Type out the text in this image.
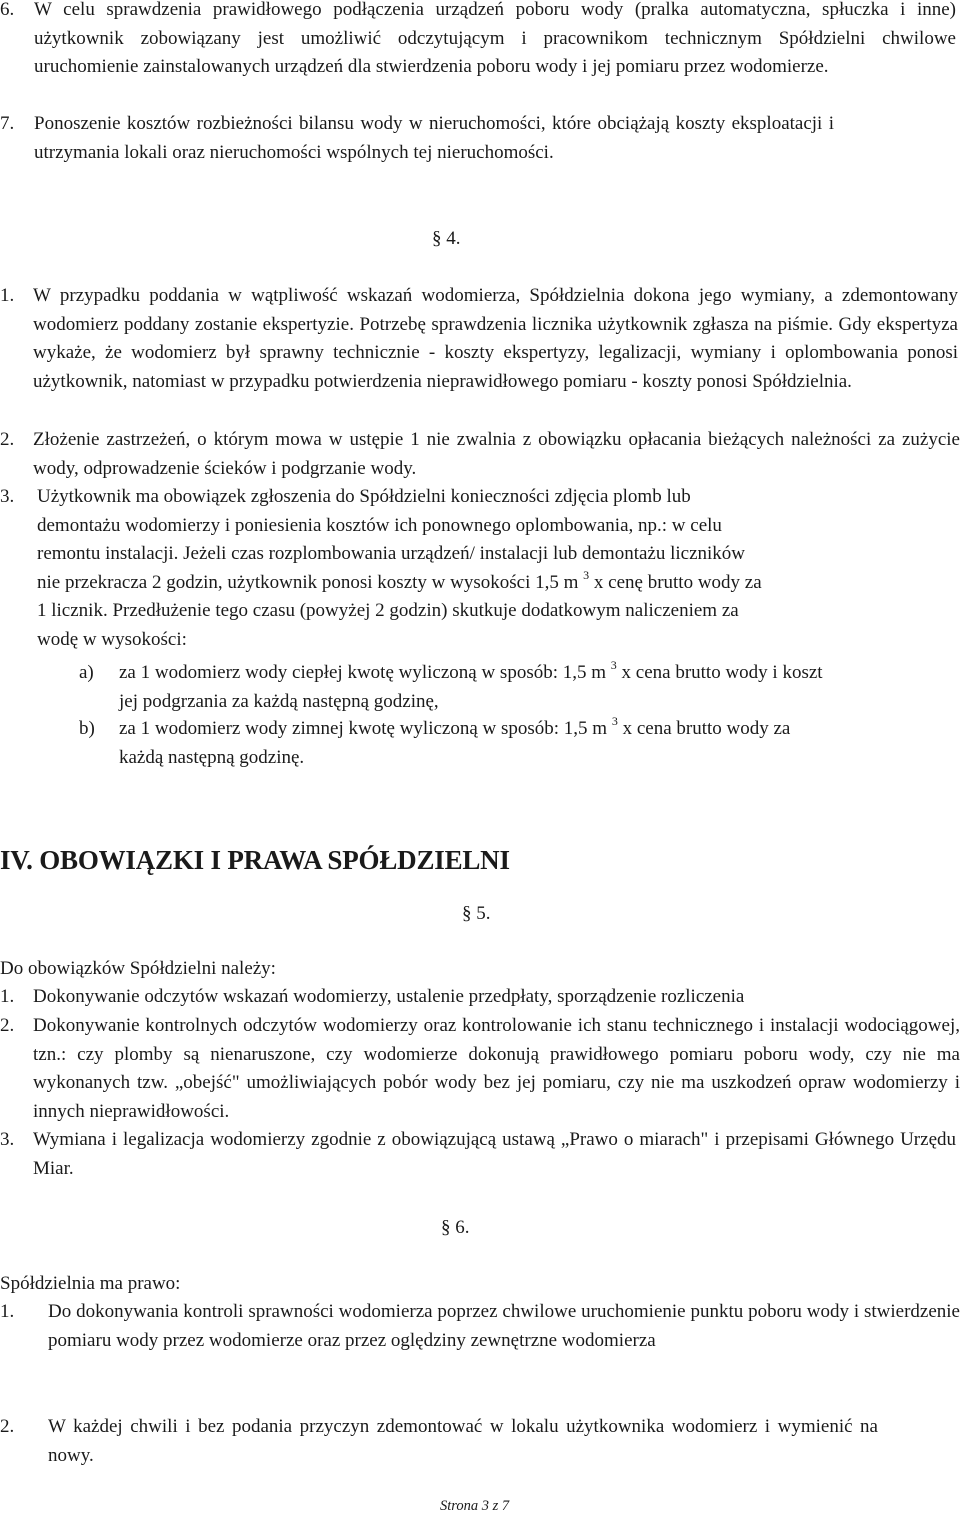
6.	W celu sprawdzenia prawidłowego podłączenia urządzeń poboru wody (pralka automatyczna, spłuczka i inne) użytkownik zobowiązany jest umożliwić odczytującym i pracownikom technicznym Spółdzielni chwilowe uruchomienie zainstalowanych urządzeń dla stwierdzenia poboru wody i jej pomiaru przez wodomierze.
7.	Ponoszenie kosztów rozbieżności bilansu wody w nieruchomości, które obciążają koszty eksploatacji i utrzymania lokali oraz nieruchomości wspólnych tej nieruchomości.
§ 4.
1. W przypadku poddania w wątpliwość wskazań wodomierza, Spółdzielnia dokona jego wymiany, a zdemontowany wodomierz poddany zostanie ekspertyzie. Potrzebę sprawdzenia licznika użytkownik zgłasza na piśmie. Gdy ekspertyza wykaże, że wodomierz był sprawny technicznie - koszty ekspertyzy, legalizacji, wymiany i oplombowania ponosi użytkownik, natomiast w przypadku potwierdzenia nieprawidłowego pomiaru - koszty ponosi Spółdzielnia.
2. Złożenie zastrzeżeń, o którym mowa w ustępie 1 nie zwalnia z obowiązku opłacania bieżących należności za zużycie wody, odprowadzenie ścieków i podgrzanie wody.
3. Użytkownik ma obowiązek zgłoszenia do Spółdzielni konieczności zdjęcia plomb lub
demontażu wodomierzy i poniesienia kosztów ich ponownego oplombowania, np.: w celu
remontu instalacji. Jeżeli czas rozplombowania urządzeń/ instalacji lub demontażu liczników
nie przekracza 2 godzin, użytkownik ponosi koszty w wysokości 1,5 m $^3$ x cenę brutto wody za
1 licznik. Przedłużenie tego czasu (powyżej 2 godzin) skutkuje dodatkowym naliczeniem za
wodę w wysokości:
a) za 1 wodomierz wody ciepłej kwotę wyliczoną w sposób: 1,5 m $^3$ x cena brutto wody i koszt
jej podgrzania za każdą następną godzinę,
b) za 1 wodomierz wody zimnej kwotę wyliczoną w sposób: 1,5 m $^3$ x cena brutto wody za
każdą następną godzinę.
IV. OBOWIĄZKI I PRAWA SPÓŁDZIELNI
§ 5.
Do obowiązków Spółdzielni należy:
1. Dokonywanie odczytów wskazań wodomierzy, ustalenie przedpłaty, sporządzenie rozliczenia
2. Dokonywanie kontrolnych odczytów wodomierzy oraz kontrolowanie ich stanu technicznego i instalacji wodociągowej, tzn.: czy plomby są nienaruszone, czy wodomierze dokonują prawidłowego pomiaru poboru wody, czy nie ma wykonanych tzw. „obejść" umożliwiających pobór wody bez jej pomiaru, czy nie ma uszkodzeń opraw wodomierzy i innych nieprawidłowości.
3. Wymiana i legalizacja wodomierzy zgodnie z obowiązującą ustawą „Prawo o miarach" i przepisami Głównego Urzędu Miar.
§ 6.
Spółdzielnia ma prawo:
1.	Do dokonywania kontroli sprawności wodomierza poprzez chwilowe uruchomienie punktu poboru wody i stwierdzenie pomiaru wody przez wodomierze oraz przez oględziny zewnętrzne wodomierza
2.	W każdej chwili i bez podania przyczyn zdemontować w lokalu użytkownika wodomierz i wymienić na nowy.
Strona 3 z 7
